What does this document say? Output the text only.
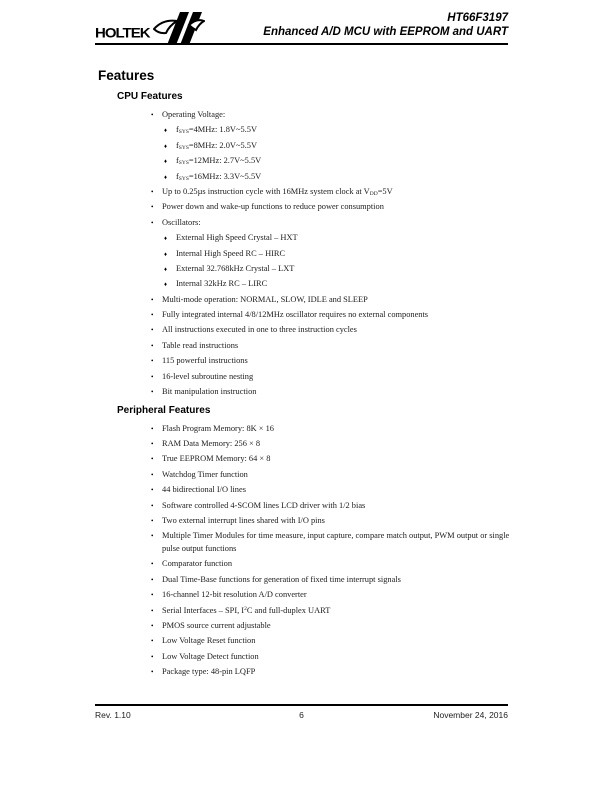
HOLTEK
HT66F3197
Enhanced A/D MCU with EEPROM and UART
Features
CPU Features
• Operating Voltage:
♦ $f_{SYS}=4MHz$: 1.8V~5.5V
♦ $f_{SYS}=8MHz$: 2.0V~5.5V
♦ $f_{SYS}=12MHz$: 2.7V~5.5V
♦ $f_{SYS}=16MHz$: 3.3V~5.5V
• Up to 0.25µs instruction cycle with 16MHz system clock at $V_{DD}=5V$
• Power down and wake-up functions to reduce power consumption
• Oscillators:
♦ External High Speed Crystal – HXT
♦ Internal High Speed RC – HIRC
♦ External 32.768kHz Crystal – LXT
♦ Internal 32kHz RC – LIRC
• Multi-mode operation: NORMAL, SLOW, IDLE and SLEEP
• Fully integrated internal 4/8/12MHz oscillator requires no external components
• All instructions executed in one to three instruction cycles
• Table read instructions
• 115 powerful instructions
• 16-level subroutine nesting
• Bit manipulation instruction
Peripheral Features
• Flash Program Memory: 8K × 16
• RAM Data Memory: 256 × 8
• True EEPROM Memory: 64 × 8
• Watchdog Timer function
• 44 bidirectional I/O lines
• Software controlled 4-SCOM lines LCD driver with 1/2 bias
• Two external interrupt lines shared with I/O pins
• Multiple Timer Modules for time measure, input capture, compare match output, PWM output or single pulse output functions
• Comparator function
• Dual Time-Base functions for generation of fixed time interrupt signals
• 16-channel 12-bit resolution A/D converter
• Serial Interfaces – SPI, $I^2C$ and full-duplex UART
• PMOS source current adjustable
• Low Voltage Reset function
• Low Voltage Detect function
• Package type: 48-pin LQFP
Rev. 1.10	6	November 24, 2016
